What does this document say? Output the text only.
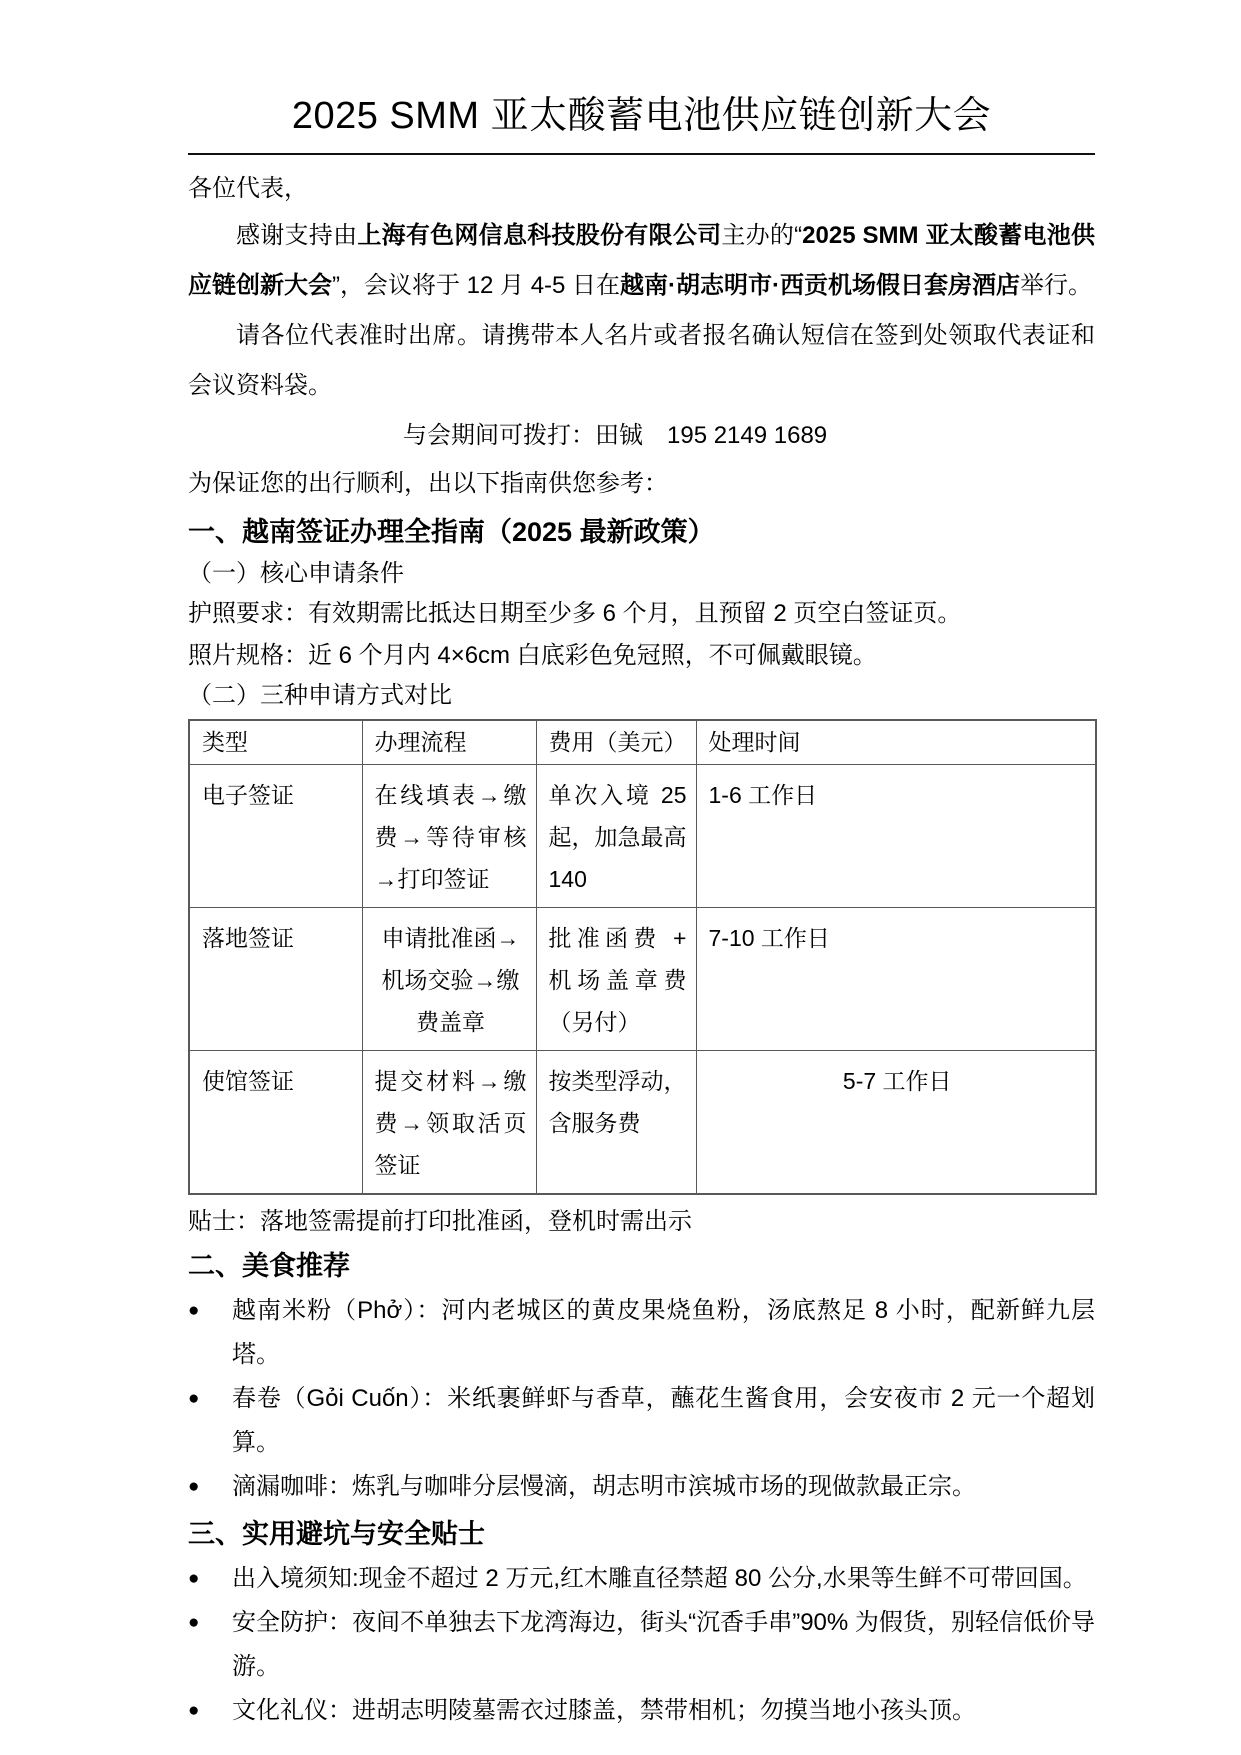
2025 SMM 亚太酸蓄电池供应链创新大会

各位代表，

感谢支持由上海有色网信息科技股份有限公司主办的“2025 SMM 亚太酸蓄电池供应链创新大会”，会议将于 12 月 4-5 日在越南·胡志明市·西贡机场假日套房酒店举行。

请各位代表准时出席。请携带本人名片或者报名确认短信在签到处领取代表证和会议资料袋。

与会期间可拨打：田铖　195 2149 1689

为保证您的出行顺利，出以下指南供您参考：

一、越南签证办理全指南（2025 最新政策）

（一）核心申请条件

护照要求：有效期需比抵达日期至少多 6 个月，且预留 2 页空白签证页。

照片规格：近 6 个月内 4×6cm 白底彩色免冠照，不可佩戴眼镜。

（二）三种申请方式对比

类型	办理流程	费用（美元）	处理时间
电子签证	在线填表→缴费→等待审核→打印签证	单次入境 25 起，加急最高 140	1-6 工作日
落地签证	申请批准函→机场交验→缴费盖章	批准函费 + 机场盖章费（另付）	7-10 工作日
使馆签证	提交材料→缴费→领取活页签证	按类型浮动，含服务费	5-7 工作日

贴士：落地签需提前打印批准函，登机时需出示

二、美食推荐
●	越南米粉（Phở）：河内老城区的黄皮果烧鱼粉，汤底熬足 8 小时，配新鲜九层塔。
●	春卷（Gỏi Cuốn）：米纸裹鲜虾与香草，蘸花生酱食用，会安夜市 2 元一个超划算。
●	滴漏咖啡：炼乳与咖啡分层慢滴，胡志明市滨城市场的现做款最正宗。
三、实用避坑与安全贴士
●	出入境须知:现金不超过 2 万元,红木雕直径禁超 80 公分,水果等生鲜不可带回国。
●	安全防护：夜间不单独去下龙湾海边，街头“沉香手串”90% 为假货，别轻信低价导游。
●	文化礼仪：进胡志明陵墓需衣过膝盖，禁带相机；勿摸当地小孩头顶。
